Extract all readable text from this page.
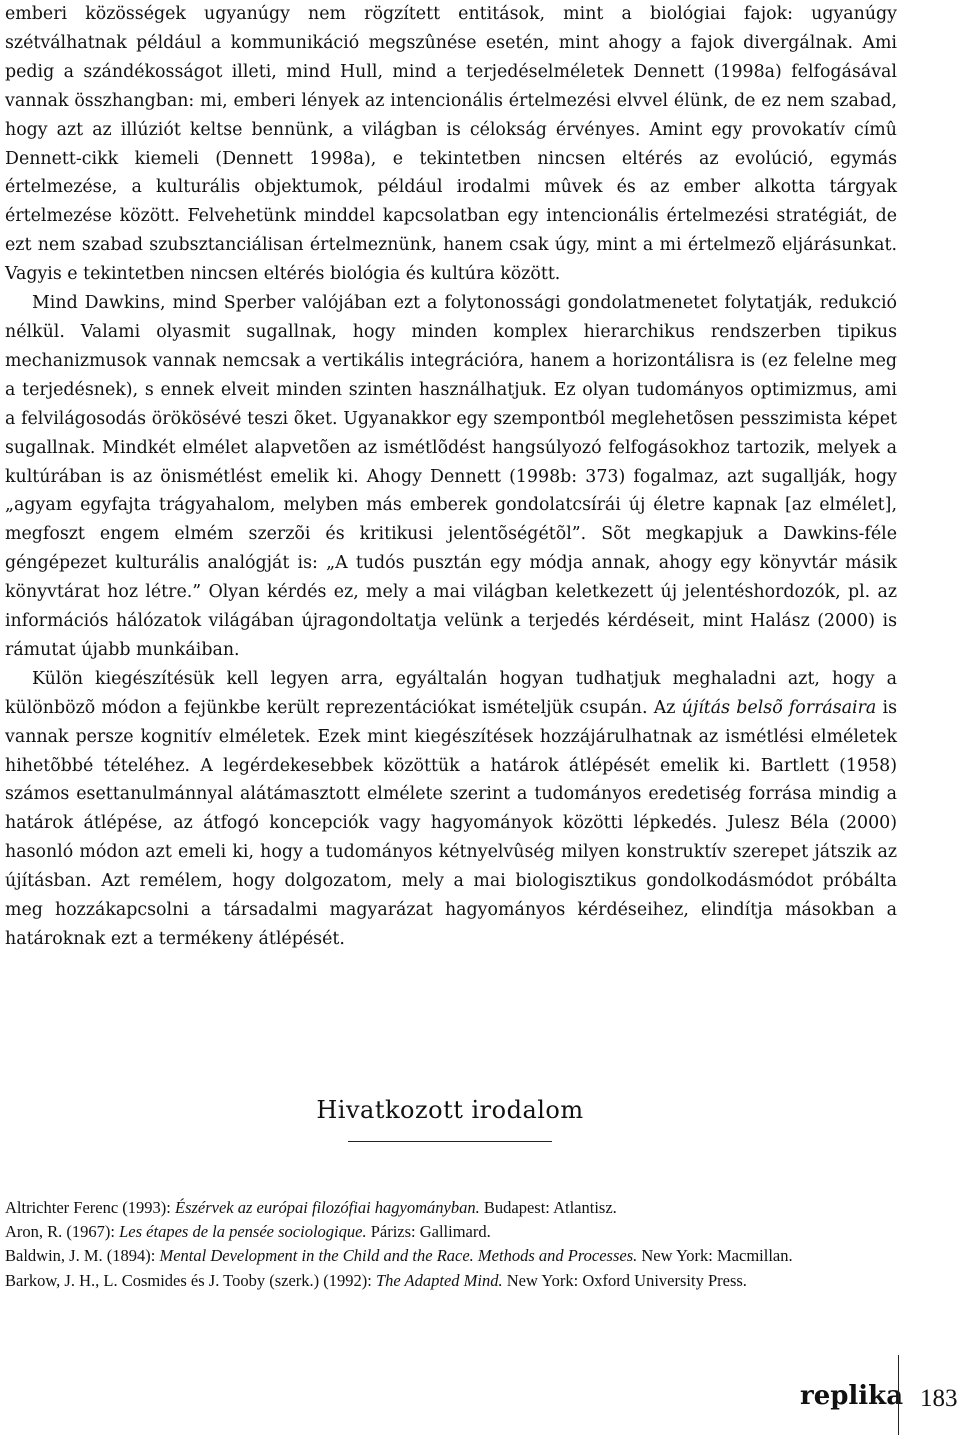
emberi közösségek ugyanúgy nem rögzített entitások, mint a biológiai fajok: ugyanúgy szétválhatnak például a kommunikáció megszûnése esetén, mint ahogy a fajok divergálnak. Ami pedig a szándékosságot illeti, mind Hull, mind a terjedéselméletek Dennett (1998a) felfogásával vannak összhangban: mi, emberi lények az intencionális értelmezési elvvel élünk, de ez nem szabad, hogy azt az illúziót keltse bennünk, a világban is célokság érvényes. Amint egy provokatív címû Dennett-cikk kiemeli (Dennett 1998a), e tekintetben nincsen eltérés az evolúció, egymás értelmezése, a kulturális objektumok, például irodalmi mûvek és az ember alkotta tárgyak értelmezése között. Felvehetünk minddel kapcsolatban egy intencionális értelmezési stratégiát, de ezt nem szabad szubsztanciálisan értelmeznünk, hanem csak úgy, mint a mi értelmezõ eljárásunkat. Vagyis e tekintetben nincsen eltérés biológia és kultúra között.

Mind Dawkins, mind Sperber valójában ezt a folytonossági gondolatmenetet folytatják, redukció nélkül. Valami olyasmit sugallnak, hogy minden komplex hierarchikus rendszerben tipikus mechanizmusok vannak nemcsak a vertikális integrációra, hanem a horizontálisra is (ez felelne meg a terjedésnek), s ennek elveit minden szinten használhatjuk. Ez olyan tudományos optimizmus, ami a felvilágosodás örökösévé teszi õket. Ugyanakkor egy szempontból meglehetõsen pesszimista képet sugallnak. Mindkét elmélet alapvetõen az ismétlõdést hangsúlyozó felfogásokhoz tartozik, melyek a kultúrában is az önismétlést emelik ki. Ahogy Dennett (1998b: 373) fogalmaz, azt sugallják, hogy „agyam egyfajta trágyahalom, melyben más emberek gondolatcsírái új életre kapnak [az elmélet], megfoszt engem elmém szerzõi és kritikusi jelentõségétõl”. Sõt megkapjuk a Dawkins-féle géngépezet kulturális analógját is: „A tudós pusztán egy módja annak, ahogy egy könyvtár másik könyvtárat hoz létre.” Olyan kérdés ez, mely a mai világban keletkezett új jelentéshordozók, pl. az információs hálózatok világában újragondoltatja velünk a terjedés kérdéseit, mint Halász (2000) is rámutat újabb munkáiban.

Külön kiegészítésük kell legyen arra, egyáltalán hogyan tudhatjuk meghaladni azt, hogy a különbözõ módon a fejünkbe került reprezentációkat ismételjük csupán. Az újítás belsõ forrásaira is vannak persze kognitív elméletek. Ezek mint kiegészítések hozzájárulhatnak az ismétlési elméletek hihetõbbé tételéhez. A legérdekesebbek közöttük a határok átlépését emelik ki. Bartlett (1958) számos esettanulmánnyal alátámasztott elmélete szerint a tudományos eredetiség forrása mindig a határok átlépése, az átfogó koncepciók vagy hagyományok közötti lépkedés. Julesz Béla (2000) hasonló módon azt emeli ki, hogy a tudományos kétnyelvûség milyen konstruktív szerepet játszik az újításban. Azt remélem, hogy dolgozatom, mely a mai biologisztikus gondolkodásmódot próbálta meg hozzákapcsolni a társadalmi magyarázat hagyományos kérdéseihez, elindítja másokban a határoknak ezt a termékeny átlépését.

Hivatkozott irodalom

Altrichter Ferenc (1993): Észérvek az európai filozófiai hagyományban. Budapest: Atlantisz.

Aron, R. (1967): Les étapes de la pensée sociologique. Párizs: Gallimard.

Baldwin, J. M. (1894): Mental Development in the Child and the Race. Methods and Processes. New York: Macmillan.

Barkow, J. H., L. Cosmides és J. Tooby (szerk.) (1992): The Adapted Mind. New York: Oxford University Press.

replika 183
